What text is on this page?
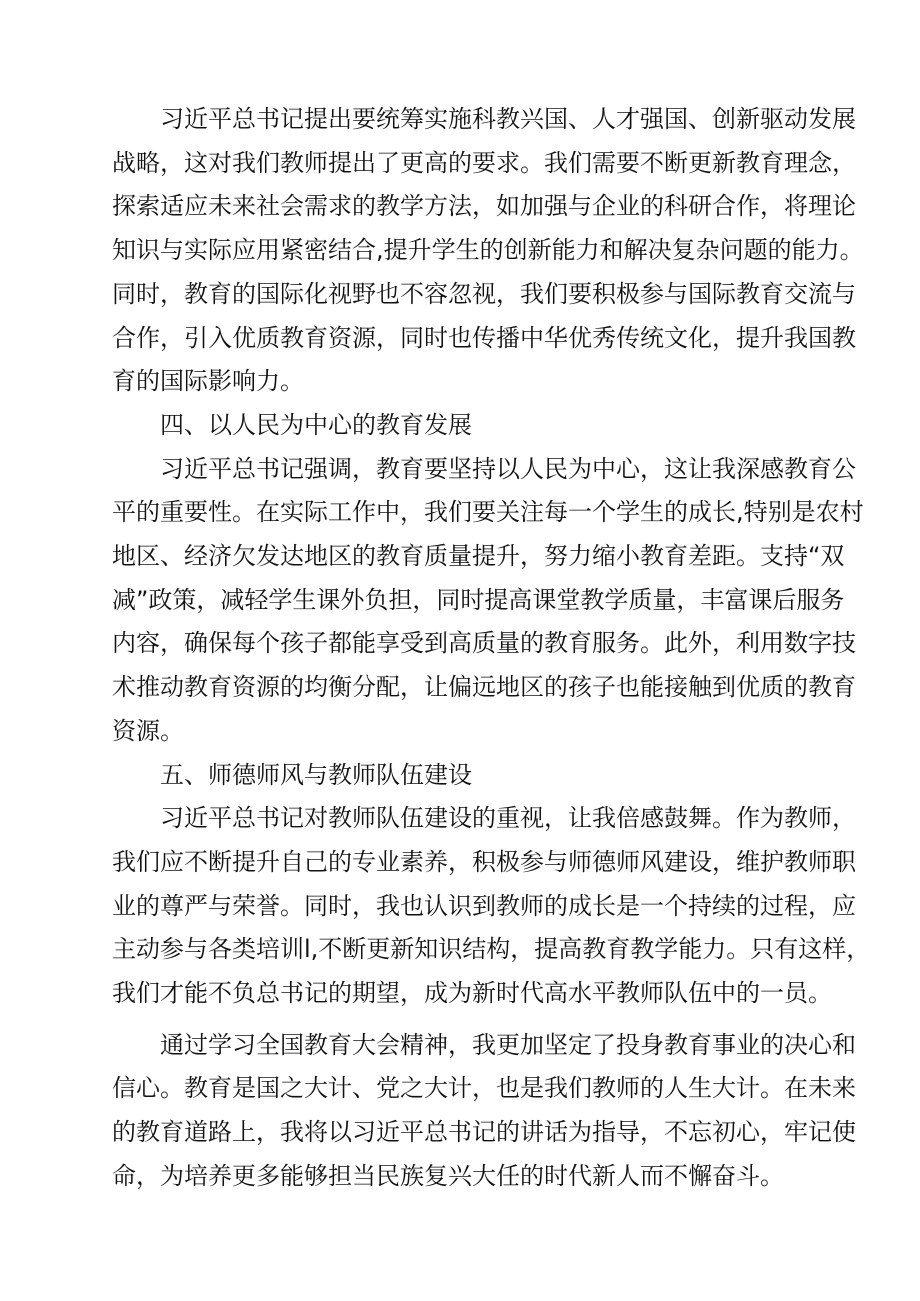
习近平总书记提出要统筹实施科教兴国、人才强国、创新驱动发展
战略，这对我们教师提出了更高的要求。我们需要不断更新教育理念，
探索适应未来社会需求的教学方法，如加强与企业的科研合作，将理论
知识与实际应用紧密结合,提升学生的创新能力和解决复杂问题的能力。
同时，教育的国际化视野也不容忽视，我们要积极参与国际教育交流与
合作，引入优质教育资源，同时也传播中华优秀传统文化，提升我国教
育的国际影响力。
四、以人民为中心的教育发展
习近平总书记强调，教育要坚持以人民为中心，这让我深感教育公
平的重要性。在实际工作中，我们要关注每一个学生的成长,特别是农村
地区、经济欠发达地区的教育质量提升，努力缩小教育差距。支持“双
减”政策，减轻学生课外负担，同时提高课堂教学质量，丰富课后服务
内容，确保每个孩子都能享受到高质量的教育服务。此外，利用数字技
术推动教育资源的均衡分配，让偏远地区的孩子也能接触到优质的教育
资源。
五、师德师风与教师队伍建设
习近平总书记对教师队伍建设的重视，让我倍感鼓舞。作为教师，
我们应不断提升自己的专业素养，积极参与师德师风建设，维护教师职
业的尊严与荣誉。同时，我也认识到教师的成长是一个持续的过程，应
主动参与各类培训l,不断更新知识结构，提高教育教学能力。只有这样，
我们才能不负总书记的期望，成为新时代高水平教师队伍中的一员。
通过学习全国教育大会精神，我更加坚定了投身教育事业的决心和
信心。教育是国之大计、党之大计，也是我们教师的人生大计。在未来
的教育道路上，我将以习近平总书记的讲话为指导，不忘初心，牢记使
命，为培养更多能够担当民族复兴大任的时代新人而不懈奋斗。
